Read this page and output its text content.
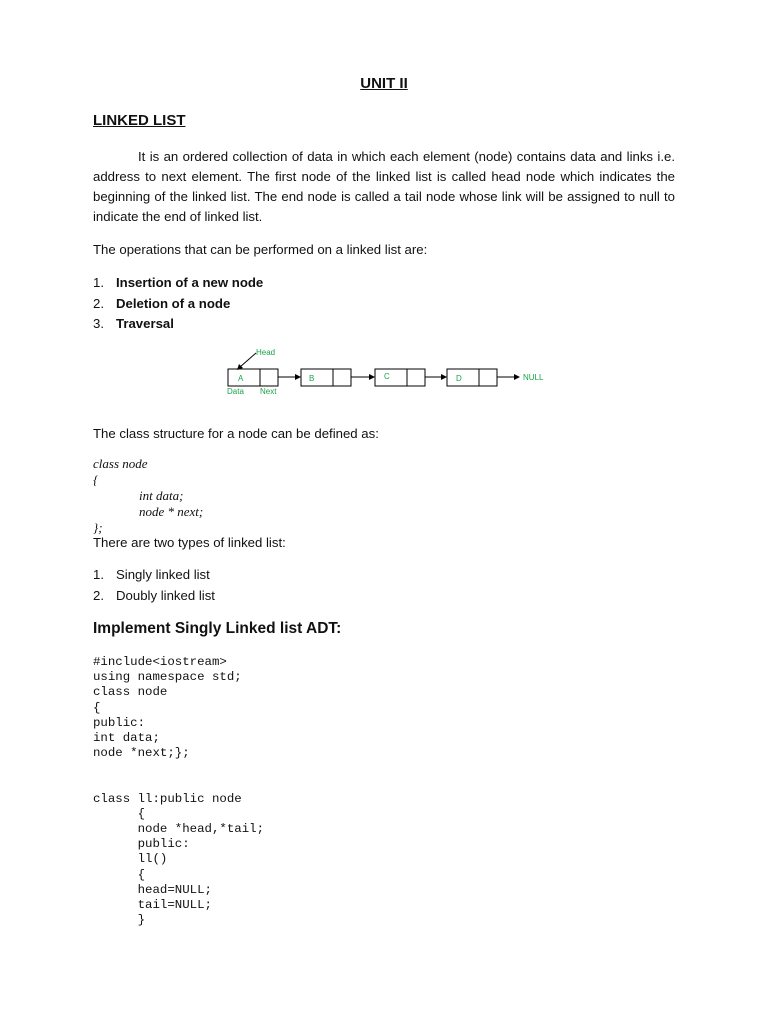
UNIT II
LINKED LIST
It is an ordered collection of data in which each element (node) contains data and links i.e. address to next element. The first node of the linked list is called head node which indicates the beginning of the linked list. The end node is called a tail node whose link will be assigned to null to indicate the end of linked list.
The operations that can be performed on a linked list are:
1. Insertion of a new node
2. Deletion of a node
3. Traversal
Head
Data Next
NULL
A	B	C	D
The class structure for a node can be defined as:
class node
{
int data;
node * next;
};
There are two types of linked list:
1. Singly linked list
2. Doubly linked list
Implement Singly Linked list ADT:
#include<iostream>
using namespace std;
class node
{
public:
int data;
node *next;};
class ll:public node
{
node *head,*tail;
public:
ll()
{
head=NULL;
tail=NULL;
}
